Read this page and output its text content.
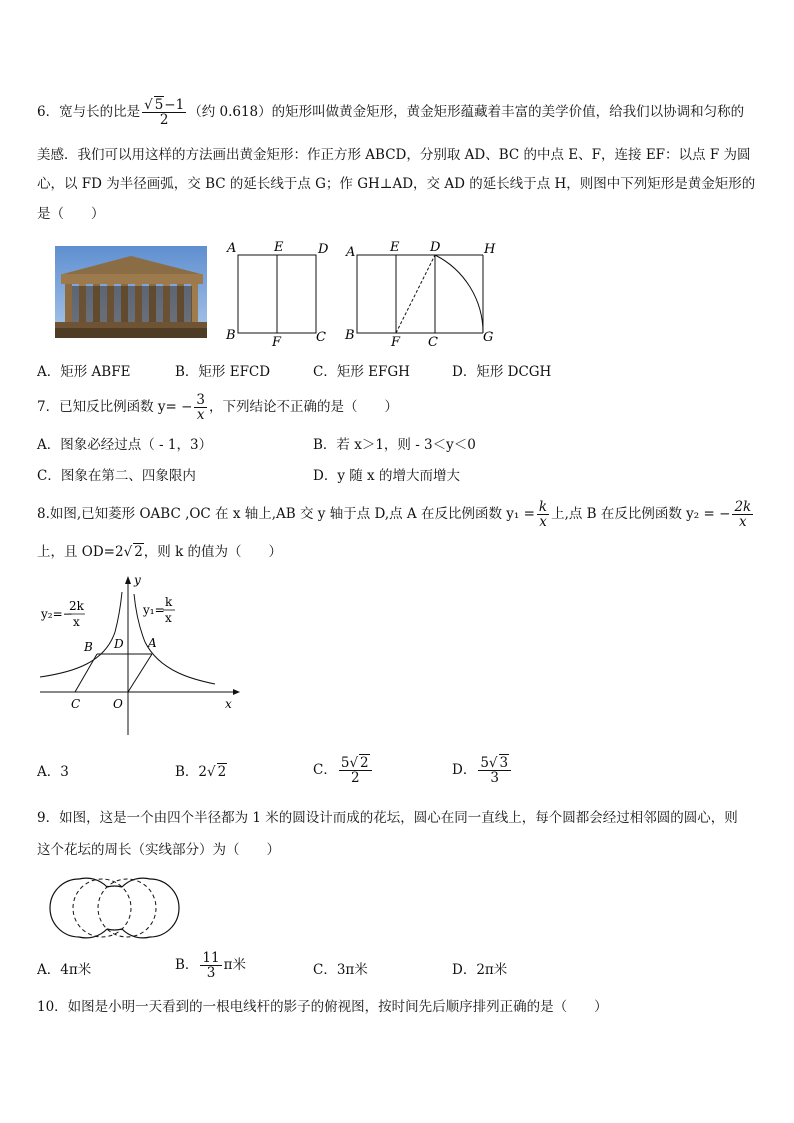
6．宽与长的比是 $\frac{√ 5-1}{2}$ （约 0.618）的矩形叫做黄金矩形，黄金矩形蕴藏着丰富的美学价值，给我们以协调和匀称的
美感．我们可以用这样的方法画出黄金矩形：作正方形 ABCD，分别取 AD、BC 的中点 E、F，连接 EF：以点 F 为圆
心，以 FD 为半径画弧，交 BC 的延长线于点 G；作 GH⊥AD，交 AD 的延长线于点 H，则图中下列矩形是黄金矩形的
是（　　）
A	E	D
B	F	C
A	E D	H
B	F C	G
A．矩形 ABFE	B．矩形 EFCD	C．矩形 EFGH	D．矩形 DCGH
7．已知反比例函数 $y= - \frac{3}{x}$ ，下列结论不正确的是（　　）
A．图象必经过点（ - 1，3）	B．若 x＞1，则 - 3＜y＜0
C．图象在第二、四象限内	D．y 随 x 的增大而增大
8.如图,已知菱形 OABC ,OC 在 x 轴上,AB 交 y 轴于点 D,点 A 在反比例函数 $y_1 = \frac{k}{x}$ 上,点 B 在反比例函数 y₂ = − $\frac{2k}{x}$
上，且 OD=2√ 2，则 k 的值为（　　）
y
x
y₂=−
2k
x
y₁=
k
x
B D A
C	O
A．3	B．2√ 2	C． $\frac{5√ 2}{2}$	D． $\frac{5√ 3}{3}$
9．如图，这是一个由四个半径都为 1 米的圆设计而成的花坛，圆心在同一直线上，每个圆都会经过相邻圆的圆心，则
这个花坛的周长（实线部分）为（　　）
A．4π米	B． $\frac{11}{3}$ π米	C．3π米	D．2π米
10．如图是小明一天看到的一根电线杆的影子的俯视图，按时间先后顺序排列正确的是（　　）
